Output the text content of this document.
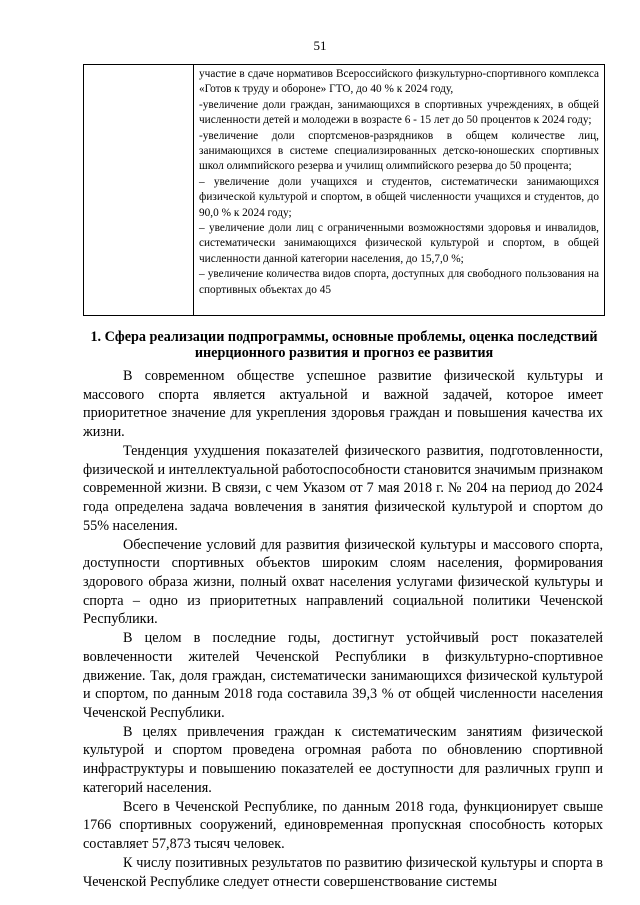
51
участие в сдаче нормативов Всероссийского физкультурно-спортивного комплекса «Готов к труду и обороне» ГТО, до 40 % к 2024 году,
-увеличение доли граждан, занимающихся в спортивных учреждениях, в общей численности детей и молодежи в возрасте 6 - 15 лет до 50 процентов к 2024 году;
-увеличение доли спортсменов-разрядников в общем количестве лиц, занимающихся в системе специализированных детско-юношеских спортивных школ олимпийского резерва и училищ олимпийского резерва до 50 процента;
– увеличение доли учащихся и студентов, систематически занимающихся физической культурой и спортом, в общей численности учащихся и студентов, до 90,0 % к 2024 году;
– увеличение доли лиц с ограниченными возможностями здоровья и инвалидов, систематически занимающихся физической культурой и спортом, в общей численности данной категории населения, до 15,7,0 %;
– увеличение количества видов спорта, доступных для свободного пользования на спортивных объектах до 45
1. Сфера реализации подпрограммы, основные проблемы, оценка последствий инерционного развития и прогноз ее развития

В современном обществе успешное развитие физической культуры и массового спорта является актуальной и важной задачей, которое имеет приоритетное значение для укрепления здоровья граждан и повышения качества их жизни.

Тенденция ухудшения показателей физического развития, подготовленности, физической и интеллектуальной работоспособности становится значимым признаком современной жизни. В связи, с чем Указом от 7 мая 2018 г. № 204 на период до 2024 года определена задача вовлечения в занятия физической культурой и спортом до 55% населения.

Обеспечение условий для развития физической культуры и массового спорта, доступности спортивных объектов широким слоям населения, формирования здорового образа жизни, полный охват населения услугами физической культуры и спорта – одно из приоритетных направлений социальной политики Чеченской Республики.

В целом в последние годы, достигнут устойчивый рост показателей вовлеченности жителей Чеченской Республики в физкультурно-спортивное движение. Так, доля граждан, систематически занимающихся физической культурой и спортом, по данным 2018 года составила 39,3 % от общей численности населения Чеченской Республики.

В целях привлечения граждан к систематическим занятиям физической культурой и спортом проведена огромная работа по обновлению спортивной инфраструктуры и повышению показателей ее доступности для различных групп и категорий населения.

Всего в Чеченской Республике, по данным 2018 года, функционирует свыше 1766 спортивных сооружений, единовременная пропускная способность которых составляет 57,873 тысяч человек.

К числу позитивных результатов по развитию физической культуры и спорта в Чеченской Республике следует отнести совершенствование системы
